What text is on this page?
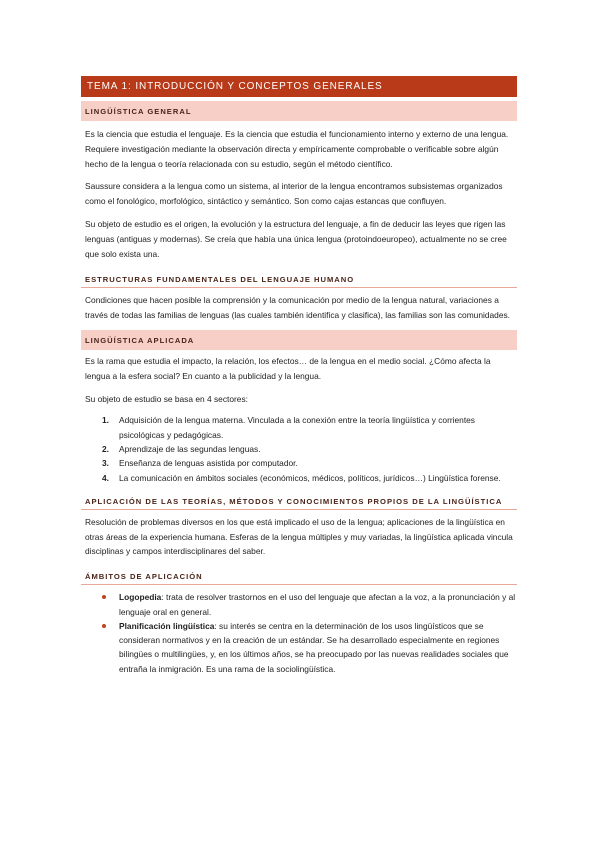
TEMA 1: INTRODUCCIÓN Y CONCEPTOS GENERALES
LINGÜÍSTICA GENERAL

Es la ciencia que estudia el lenguaje. Es la ciencia que estudia el funcionamiento interno y externo de una lengua. Requiere investigación mediante la observación directa y empíricamente comprobable o verificable sobre algún hecho de la lengua o teoría relacionada con su estudio, según el método científico.

Saussure considera a la lengua como un sistema, al interior de la lengua encontramos subsistemas organizados como el fonológico, morfológico, sintáctico y semántico. Son como cajas estancas que confluyen.

Su objeto de estudio es el origen, la evolución y la estructura del lenguaje, a fin de deducir las leyes que rigen las lenguas (antiguas y modernas). Se creía que había una única lengua (protoindoeuropeo), actualmente no se cree que solo exista una.

ESTRUCTURAS FUNDAMENTALES DEL LENGUAJE HUMANO

Condiciones que hacen posible la comprensión y la comunicación por medio de la lengua natural, variaciones a través de todas las familias de lenguas (las cuales también identifica y clasifica), las familias son las comunidades.

LINGÜÍSTICA APLICADA

Es la rama que estudia el impacto, la relación, los efectos… de la lengua en el medio social. ¿Cómo afecta la lengua a la esfera social? En cuanto a la publicidad y la lengua.

Su objeto de estudio se basa en 4 sectores:

1. Adquisición de la lengua materna. Vinculada a la conexión entre la teoría lingüística y corrientes psicológicas y pedagógicas.
2. Aprendizaje de las segundas lenguas.
3. Enseñanza de lenguas asistida por computador.
4. La comunicación en ámbitos sociales (económicos, médicos, políticos, jurídicos…) Lingüística forense.
APLICACIÓN DE LAS TEORÍAS, MÉTODOS Y CONOCIMIENTOS PROPIOS DE LA LINGÜÍSTICA

Resolución de problemas diversos en los que está implicado el uso de la lengua; aplicaciones de la lingüística en otras áreas de la experiencia humana. Esferas de la lengua múltiples y muy variadas, la lingüística aplicada vincula disciplinas y campos interdisciplinares del saber.

ÁMBITOS DE APLICACIÓN
Logopedia: trata de resolver trastornos en el uso del lenguaje que afectan a la voz, a la pronunciación y al lenguaje oral en general.
Planificación lingüística: su interés se centra en la determinación de los usos lingüísticos que se consideran normativos y en la creación de un estándar. Se ha desarrollado especialmente en regiones bilingües o multilingües, y, en los últimos años, se ha preocupado por las nuevas realidades sociales que entraña la inmigración. Es una rama de la sociolingüística.
